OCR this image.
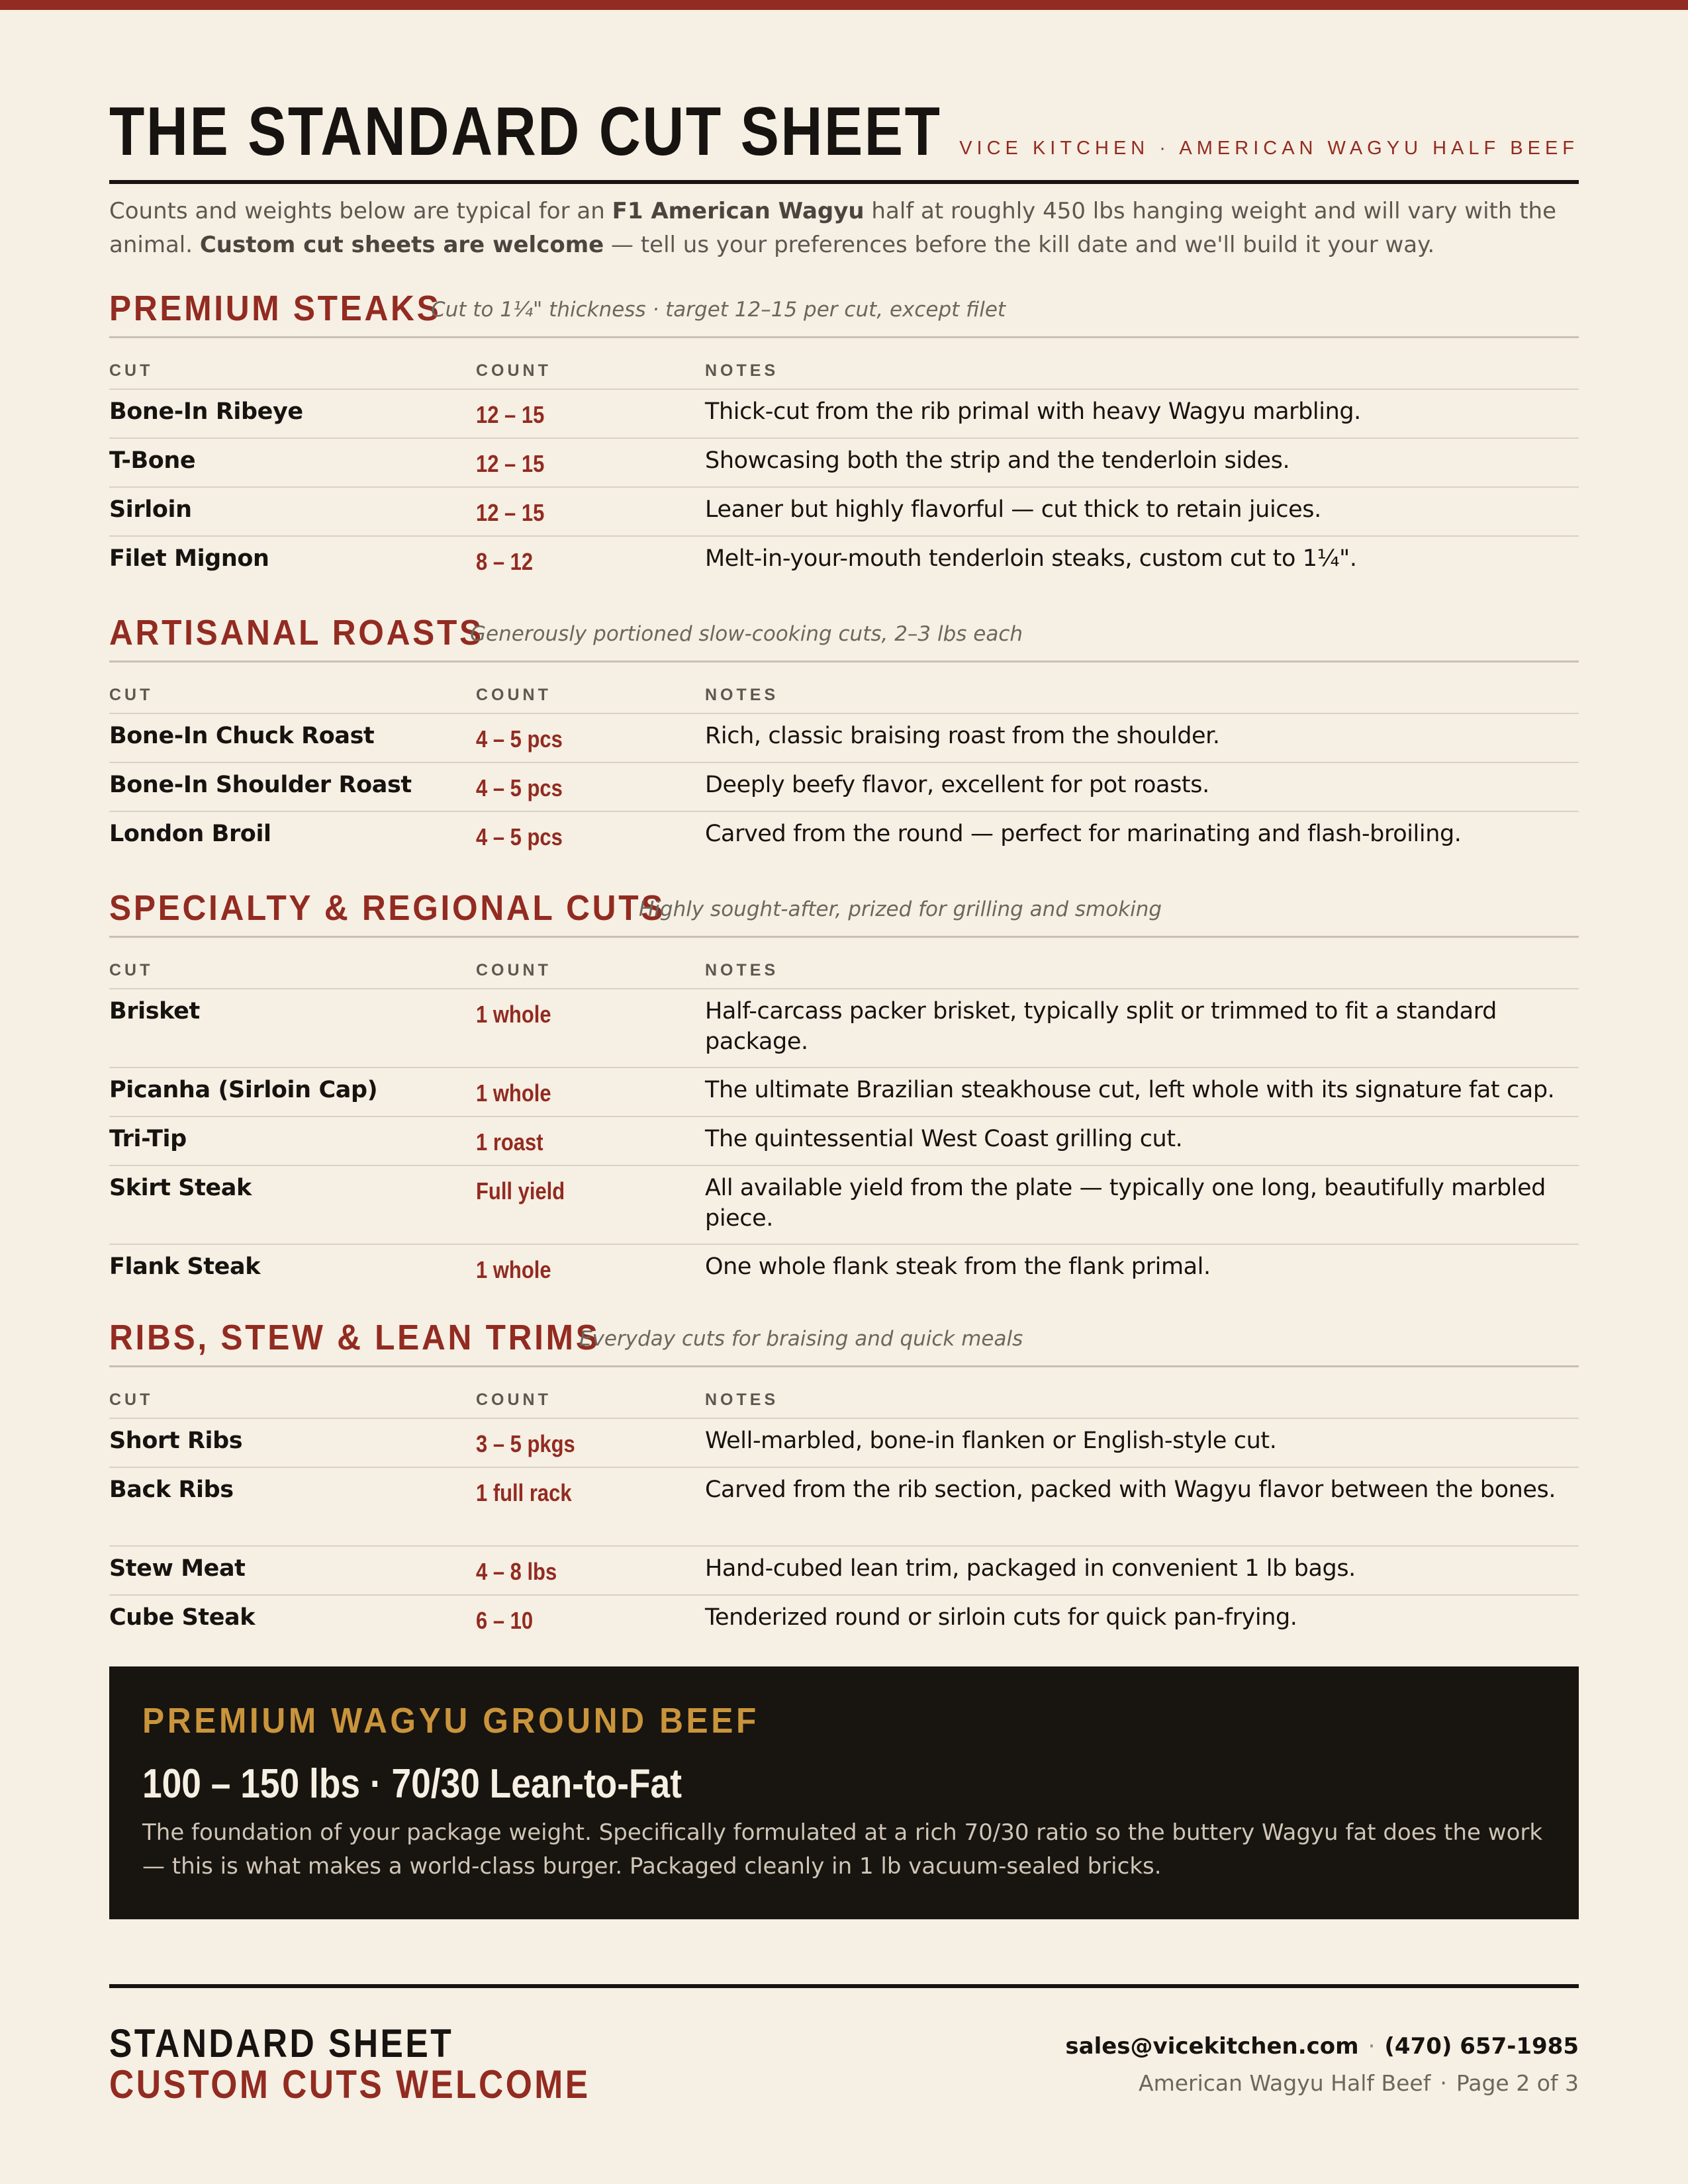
THE STANDARD CUT SHEET VICE KITCHEN · AMERICAN WAGYU HALF BEEF

Counts and weights below are typical for an F1 American Wagyu half at roughly 450 lbs hanging weight and will vary with the animal. Custom cut sheets are welcome — tell us your preferences before the kill date and we'll build it your way.

PREMIUM STEAKS
Cut to 1¼" thickness · target 12–15 per cut, except filet
CUT	COUNT	NOTES
Bone-In Ribeye	12 – 15	Thick-cut from the rib primal with heavy Wagyu marbling.
T-Bone	12 – 15	Showcasing both the strip and the tenderloin sides.
Sirloin	12 – 15	Leaner but highly flavorful — cut thick to retain juices.
Filet Mignon	8 – 12	Melt-in-your-mouth tenderloin steaks, custom cut to 1¼".
ARTISANAL ROASTS
Generously portioned slow-cooking cuts, 2–3 lbs each
CUT	COUNT	NOTES
Bone-In Chuck Roast	4 – 5 pcs	Rich, classic braising roast from the shoulder.
Bone-In Shoulder Roast	4 – 5 pcs	Deeply beefy flavor, excellent for pot roasts.
London Broil	4 – 5 pcs	Carved from the round — perfect for marinating and flash-broiling.
SPECIALTY & REGIONAL CUTS
Highly sought-after, prized for grilling and smoking
CUT	COUNT	NOTES
Brisket	1 whole	Half-carcass packer brisket, typically split or trimmed to fit a standard package.
Picanha (Sirloin Cap)	1 whole	The ultimate Brazilian steakhouse cut, left whole with its signature fat cap.
Tri-Tip	1 roast	The quintessential West Coast grilling cut.
Skirt Steak	Full yield	All available yield from the plate — typically one long, beautifully marbled piece.
Flank Steak	1 whole	One whole flank steak from the flank primal.
RIBS, STEW & LEAN TRIMS
Everyday cuts for braising and quick meals
CUT	COUNT	NOTES
Short Ribs	3 – 5 pkgs	Well-marbled, bone-in flanken or English-style cut.
Back Ribs	1 full rack	Carved from the rib section, packed with Wagyu flavor between the bones.
Stew Meat	4 – 8 lbs	Hand-cubed lean trim, packaged in convenient 1 lb bags.
Cube Steak	6 – 10	Tenderized round or sirloin cuts for quick pan-frying.
PREMIUM WAGYU GROUND BEEF
100 – 150 lbs · 70/30 Lean-to-Fat

The foundation of your package weight. Specifically formulated at a rich 70/30 ratio so the buttery Wagyu fat does the work — this is what makes a world-class burger. Packaged cleanly in 1 lb vacuum-sealed bricks.

STANDARD SHEET
CUSTOM CUTS WELCOME
sales@vicekitchen.com · (470) 657-1985
American Wagyu Half Beef · Page 2 of 3
